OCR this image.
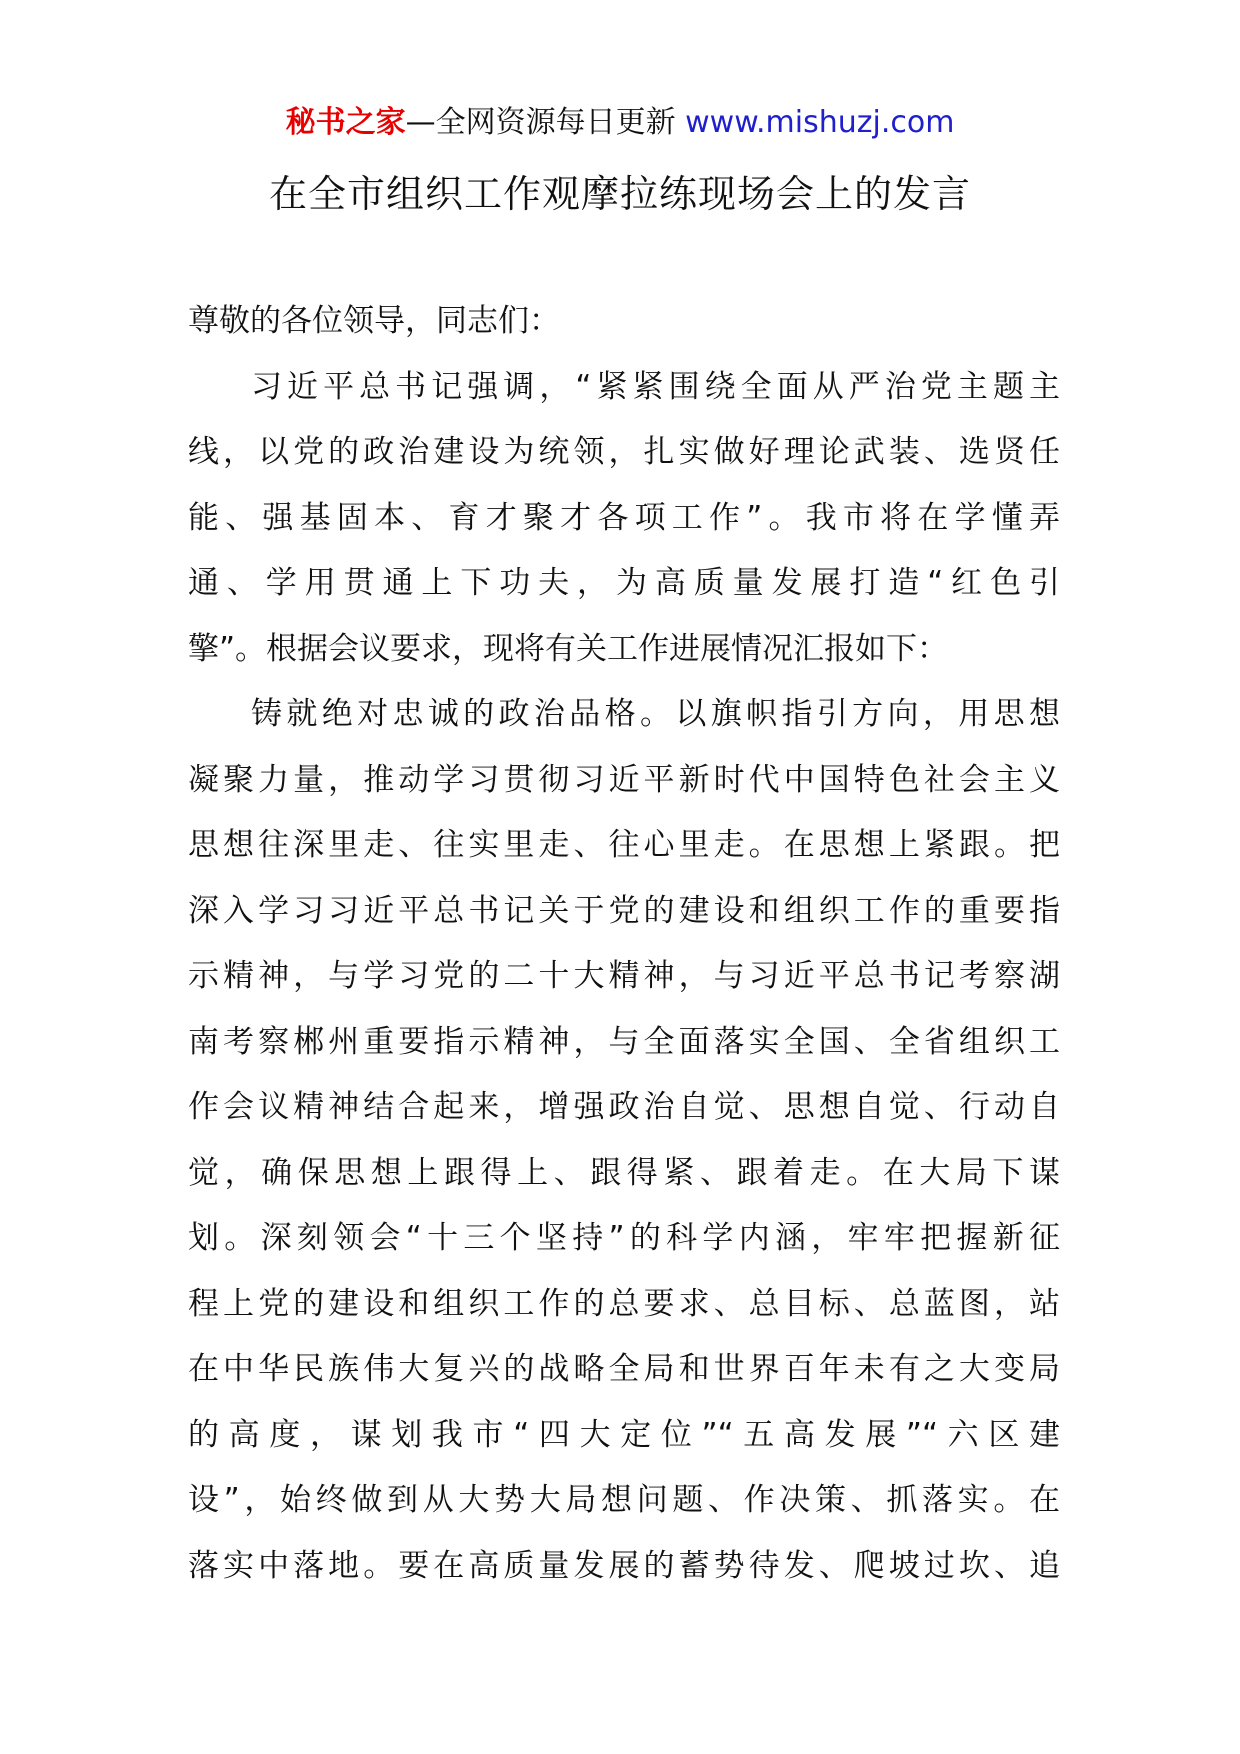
秘书之家—全网资源每日更新 www.mishuzj.com
在全市组织工作观摩拉练现场会上的发言
尊敬的各位领导，同志们：
习近平总书记强调，“紧紧围绕全面从严治党主题主
线，以党的政治建设为统领，扎实做好理论武装、选贤任
能、强基固本、育才聚才各项工作”。我市将在学懂弄
通、学用贯通上下功夫，为高质量发展打造“红色引
擎”。根据会议要求，现将有关工作进展情况汇报如下：
铸就绝对忠诚的政治品格。以旗帜指引方向，用思想
凝聚力量，推动学习贯彻习近平新时代中国特色社会主义
思想往深里走、往实里走、往心里走。在思想上紧跟。把
深入学习习近平总书记关于党的建设和组织工作的重要指
示精神，与学习党的二十大精神，与习近平总书记考察湖
南考察郴州重要指示精神，与全面落实全国、全省组织工
作会议精神结合起来，增强政治自觉、思想自觉、行动自
觉，确保思想上跟得上、跟得紧、跟着走。在大局下谋
划。深刻领会“十三个坚持”的科学内涵，牢牢把握新征
程上党的建设和组织工作的总要求、总目标、总蓝图，站
在中华民族伟大复兴的战略全局和世界百年未有之大变局
的高度，谋划我市“四大定位”“五高发展”“六区建
设”，始终做到从大势大局想问题、作决策、抓落实。在
落实中落地。要在高质量发展的蓄势待发、爬坡过坎、追
